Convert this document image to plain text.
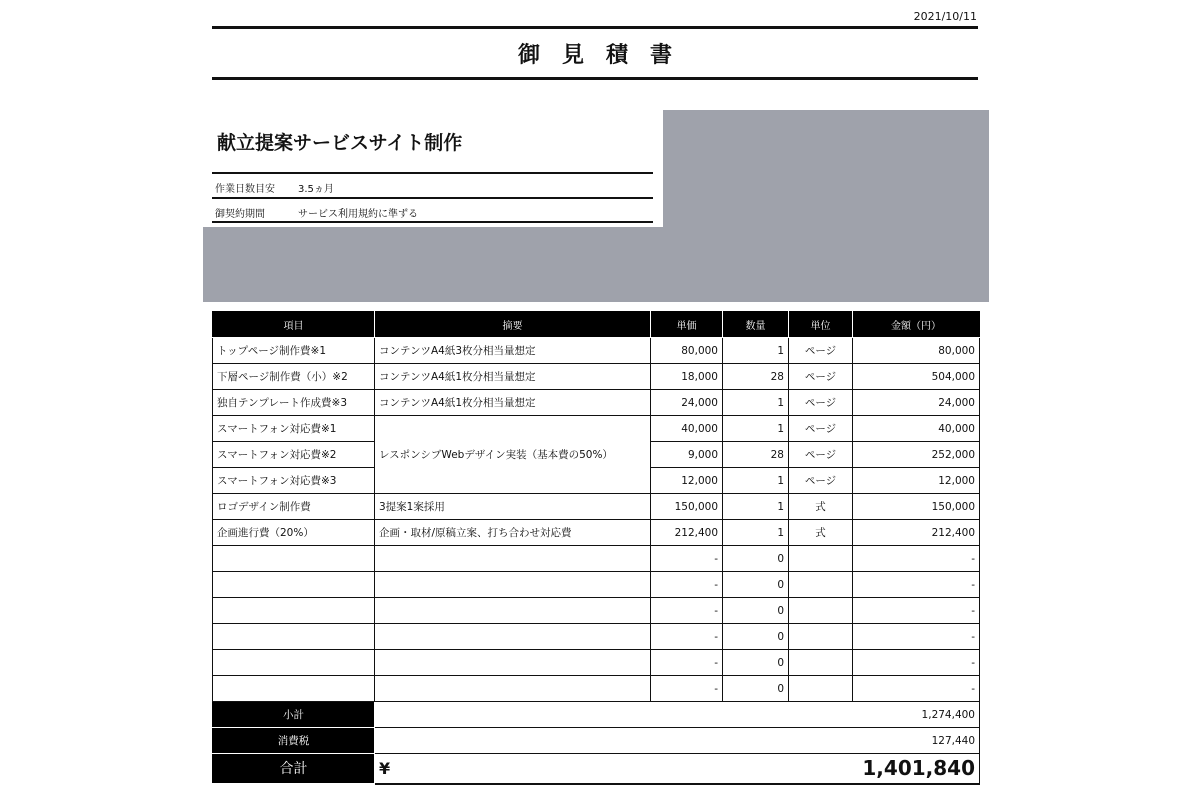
2021/10/11
御見積書
献立提案サービスサイト制作
作業日数目安	3.5ヵ月
御契約期間	サービス利用規約に準ずる
項目	摘要	単価	数量	単位	金額（円）
トップページ制作費※1	コンテンツA4紙3枚分相当量想定	80,000	1	ページ	80,000
下層ページ制作費（小）※2	コンテンツA4紙1枚分相当量想定	18,000	28	ページ	504,000
独自テンプレート作成費※3	コンテンツA4紙1枚分相当量想定	24,000	1	ページ	24,000
スマートフォン対応費※1	レスポンシブWebデザイン実装（基本費の50%）	40,000	1	ページ	40,000
スマートフォン対応費※2		9,000	28	ページ	252,000
スマートフォン対応費※3		12,000	1	ページ	12,000
ロゴデザイン制作費	3提案1案採用	150,000	1	式	150,000
企画進行費（20%）	企画・取材/原稿立案、打ち合わせ対応費	212,400	1	式	212,400
		-	0		-
		-	0		-
		-	0		-
		-	0		-
		-	0		-
		-	0		-
小計	1,274,400				
消費税	127,440				
合計	¥	1,401,840			
